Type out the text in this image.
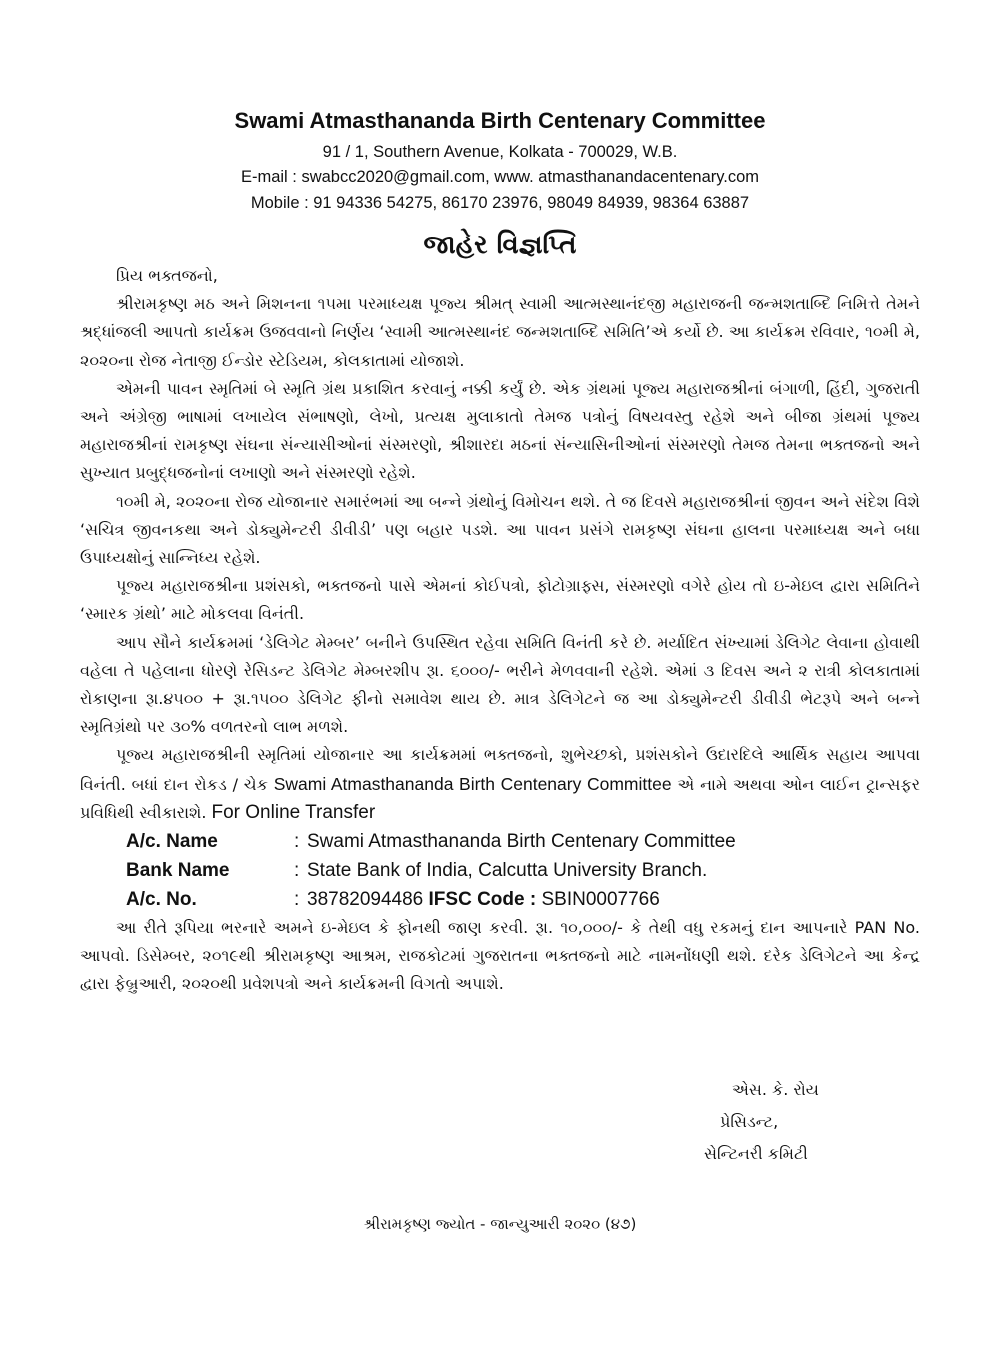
Swami Atmasthananda Birth Centenary Committee
91 / 1, Southern Avenue, Kolkata - 700029, W.B.
E-mail : swabcc2020@gmail.com, www. atmasthanandacentenary.com
Mobile : 91 94336 54275, 86170 23976, 98049 84939, 98364 63887
જાહેર વિજ્ઞપ્તિ

પ્રિય ભક્તજનો,

શ્રીરામકૃષ્ણ મઠ અને મિશનના ૧૫મા પરમાધ્યક્ષ પૂજ્ય શ્રીમત્ સ્વામી આત્મસ્થાનંદજી મહારાજની જન્મશતાબ્દિ નિમિત્તે તેમને શ્રદ્ધાંજલી આપતો કાર્યક્રમ ઉજવવાનો નિર્ણય ‘સ્વામી આત્મસ્થાનંદ જન્મશતાબ્દિ સમિતિ’એ કર્યો છે. આ કાર્યક્રમ રવિવાર, ૧૦મી મે, ૨૦૨૦ના રોજ નેતાજી ઈન્ડોર સ્ટેડિયમ, કોલકાતામાં યોજાશે.

એમની પાવન સ્મૃતિમાં બે સ્મૃતિ ગ્રંથ પ્રકાશિત કરવાનું નક્કી કર્યું છે. એક ગ્રંથમાં પૂજ્ય મહારાજશ્રીનાં બંગાળી, હિંદી, ગુજરાતી અને અંગ્રેજી ભાષામાં લખાયેલ સંભાષણો, લેખો, પ્રત્યક્ષ મુલાકાતો તેમજ પત્રોનું વિષયવસ્તુ રહેશે અને બીજા ગ્રંથમાં પૂજ્ય મહારાજશ્રીનાં રામકૃષ્ણ સંઘના સંન્યાસીઓનાં સંસ્મરણો, શ્રીશારદા મઠનાં સંન્યાસિનીઓનાં સંસ્મરણો તેમજ તેમના ભક્તજનો અને સુખ્યાત પ્રબુદ્ધજનોનાં લખાણો અને સંસ્મરણો રહેશે.

૧૦મી મે, ૨૦૨૦ના રોજ યોજાનાર સમારંભમાં આ બન્ને ગ્રંથોનું વિમોચન થશે. તે જ દિવસે મહારાજશ્રીનાં જીવન અને સંદેશ વિશે ‘સચિત્ર જીવનકથા અને ડોક્યુમેન્ટરી ડીવીડી’ પણ બહાર પડશે. આ પાવન પ્રસંગે રામકૃષ્ણ સંઘના હાલના પરમાધ્યક્ષ અને બધા ઉપાધ્યક્ષોનું સાન્નિધ્ય રહેશે.

પૂજ્ય મહારાજશ્રીના પ્રશંસકો, ભક્તજનો પાસે એમનાં કોઈપત્રો, ફોટોગ્રાફ્સ, સંસ્મરણો વગેરે હોય તો ઇ-મેઇલ દ્વારા સમિતિને ‘સ્મારક ગ્રંથો’ માટે મોકલવા વિનંતી.

આપ સૌને કાર્યક્રમમાં ‘ડેલિગેટ મેમ્બર’ બનીને ઉપસ્થિત રહેવા સમિતિ વિનંતી કરે છે. મર્યાદિત સંખ્યામાં ડેલિગેટ લેવાના હોવાથી વહેલા તે પહેલાના ધોરણે રેસિડન્ટ ડેલિગેટ મેમ્બરશીપ રૂા. ૬૦૦૦/- ભરીને મેળવવાની રહેશે. એમાં ૩ દિવસ અને ૨ રાત્રી કોલકાતામાં રોકાણના રૂા.૪૫૦૦ + રૂા.૧૫૦૦ ડેલિગેટ ફીનો સમાવેશ થાય છે. માત્ર ડેલિગેટને જ આ ડોક્યુમેન્ટરી ડીવીડી ભેટરૂપે અને બન્ને સ્મૃતિગ્રંથો પર ૩૦% વળતરનો લાભ મળશે.

પૂજ્ય મહારાજશ્રીની સ્મૃતિમાં યોજાનાર આ કાર્યક્રમમાં ભક્તજનો, શુભેચ્છકો, પ્રશંસકોને ઉદારદિલે આર્થિક સહાય આપવા વિનંતી. બધાં દાન રોકડ / ચેક Swami Atmasthananda Birth Centenary Committee એ નામે અથવા ઓન લાઈન ટ્રાન્સફર પ્રવિધિથી સ્વીકારાશે. For Online Transfer

A/c. Name	: Swami Atmasthananda Birth Centenary Committee
Bank Name	: State Bank of India, Calcutta University Branch.
A/c. No.	: 38782094486
IFSC Code :
SBIN0007766

આ રીતે રૂપિયા ભરનારે અમને ઇ-મેઇલ કે ફોનથી જાણ કરવી. રૂા. ૧૦,૦૦૦/- કે તેથી વધુ રકમનું દાન આપનારે PAN No. આપવો. ડિસેમ્બર, ૨૦૧૯થી શ્રીરામકૃષ્ણ આશ્રમ, રાજકોટમાં ગુજરાતના ભક્તજનો માટે નામનોંધણી થશે. દરેક ડેલિગેટને આ કેન્દ્ર દ્વારા ફેબ્રુઆરી, ૨૦૨૦થી પ્રવેશપત્રો અને કાર્યક્રમની વિગતો અપાશે.

એસ. કે. રોય
પ્રેસિડન્ટ,
સેન્ટિનરી કમિટી
શ્રીરામકૃષ્ણ જ્યોત - જાન્યુઆરી ૨૦૨૦ (૪૭)
